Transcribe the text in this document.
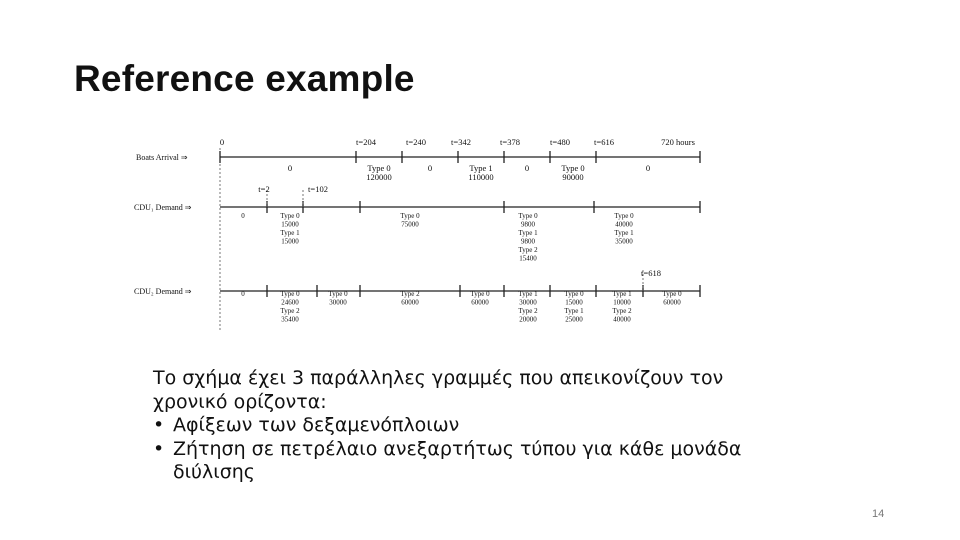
Reference example
Boats Arrival ⇒
0	t=204	t=240	t=342	t=378	t=480	t=616	720 hours
0	Type 0
120000
0	Type 1
110000
0	Type 0
90000
0
CDU₁ Demand ⇒
t=2	t=102
0	Type 0
15000
Type 1
15000
Type 0
75000
Type 0
9800
Type 1
9800
Type 2
15400
Type 0
40000
Type 1
35000
CDU₂ Demand ⇒
t=618
0	Type 0
24600
Type 2
35400
Type 0
30000
Type 2
60000
Type 0
60000
Type 1
30000
Type 2
20000
Type 0
15000
Type 1
25000
Type 1
10000
Type 2
40000
Type 0
60000
Το σχήμα έχει 3 παράλληλες γραμμές που απεικονίζουν τον χρονικό ορίζοντα:
• Αφίξεων των δεξαμενόπλοιων
• Ζήτηση σε πετρέλαιο ανεξαρτήτως τύπου για κάθε μονάδα διύλισης
14
